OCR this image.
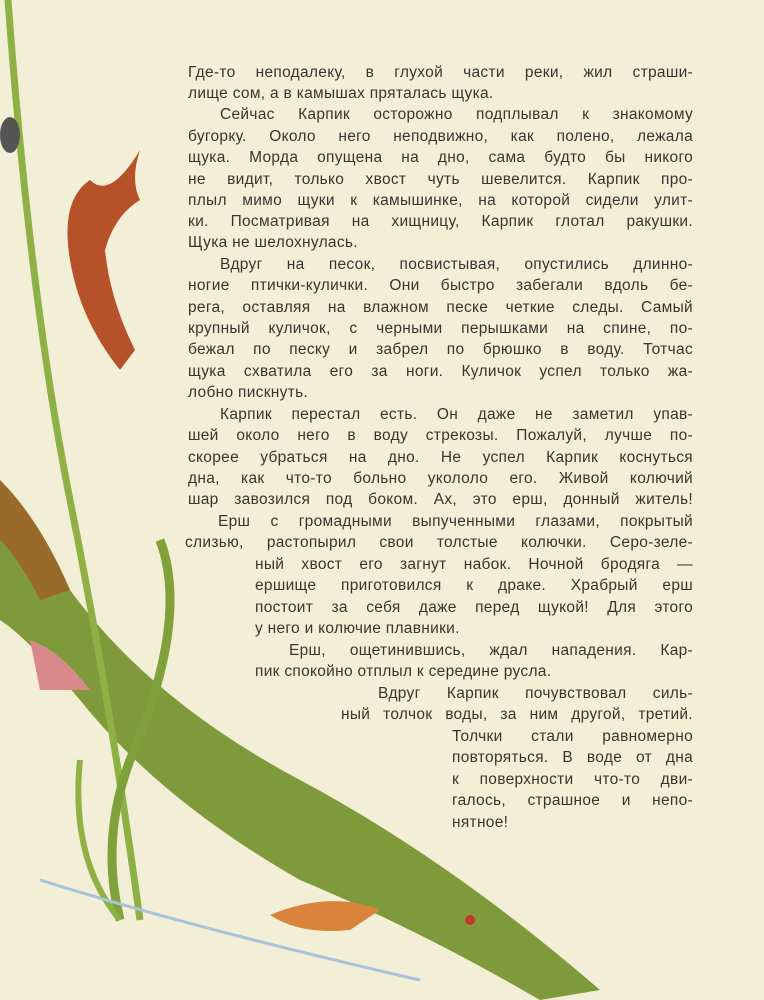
Где-то неподалеку, в глухой части реки, жил страши-
лище сом, а в камышах пряталась щука.
Сейчас Карпик осторожно подплывал к знакомому
бугорку. Около него неподвижно, как полено, лежала
щука. Морда опущена на дно, сама будто бы никого
не видит, только хвост чуть шевелится. Карпик про-
плыл мимо щуки к камышинке, на которой сидели улит-
ки. Посматривая на хищницу, Карпик глотал ракушки.
Щука не шелохнулась.
Вдруг на песок, посвистывая, опустились длинно-
ногие птички-кулички. Они быстро забегали вдоль бе-
рега, оставляя на влажном песке четкие следы. Самый
крупный куличок, с черными перышками на спине, по-
бежал по песку и забрел по брюшко в воду. Тотчас
щука схватила его за ноги. Куличок успел только жа-
лобно пискнуть.
Карпик перестал есть. Он даже не заметил упав-
шей около него в воду стрекозы. Пожалуй, лучше по-
скорее убраться на дно. Не успел Карпик коснуться
дна, как что-то больно укололо его. Живой колючий
шар завозился под боком. Ах, это ерш, донный житель!
Ерш с громадными выпученными глазами, покрытый
слизью, растопырил свои толстые колючки. Серо-зеле-
ный хвост его загнут набок. Ночной бродяга —
ершище приготовился к драке. Храбрый ерш
постоит за себя даже перед щукой! Для этого
у него и колючие плавники.
Ерш, ощетинившись, ждал нападения. Кар-
пик спокойно отплыл к середине русла.
Вдруг Карпик почувствовал силь-
ный толчок воды, за ним другой, третий.
Толчки стали равномерно
повторяться. В воде от дна
к поверхности что-то дви-
галось, страшное и непо-
нятное!
